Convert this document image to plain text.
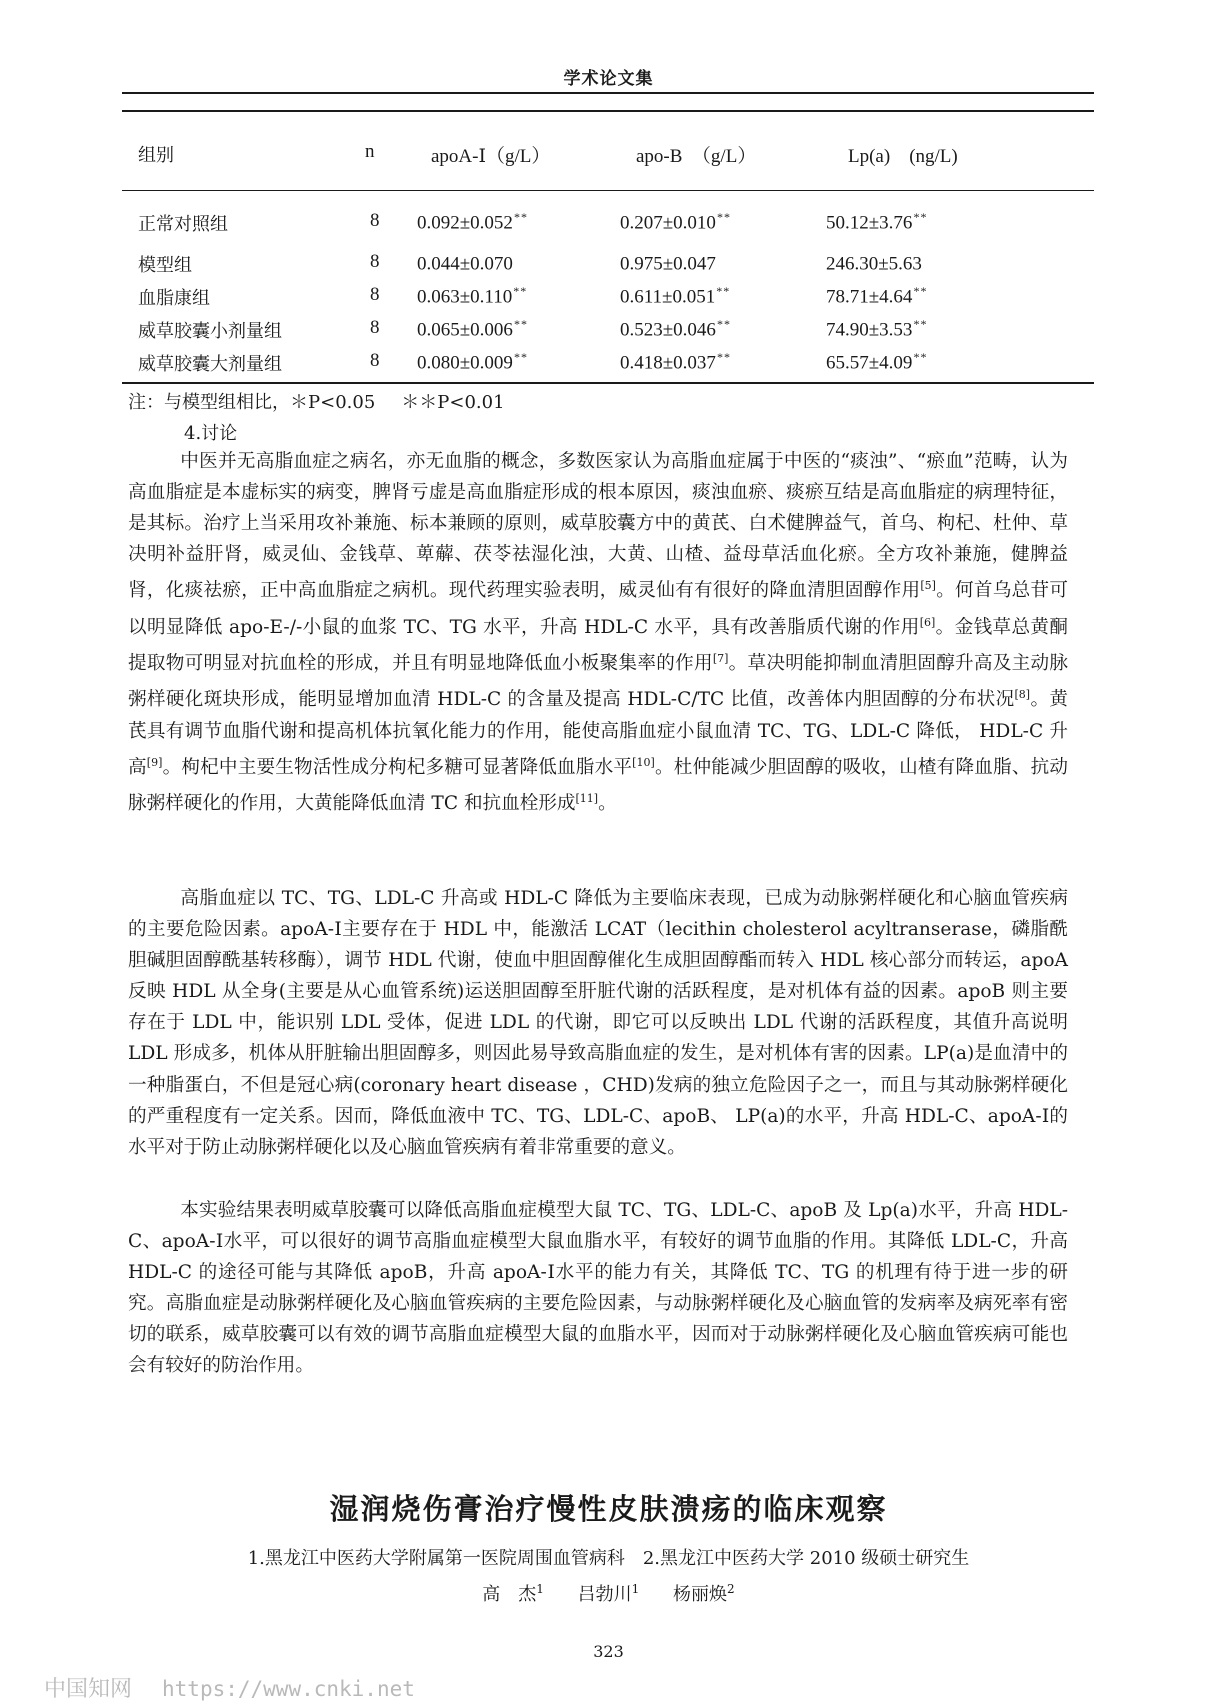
学术论文集
组别	n	apoA-Ⅰ（g/L）	apo-B　（g/L）	Lp(a)　(ng/L)
正常对照组	8 0.092±0.052**	0.207±0.010**	50.12±3.76**
模型组	8 0.044±0.070	0.975±0.047	246.30±5.63
血脂康组	8 0.063±0.110**	0.611±0.051**	78.71±4.64**
威草胶囊小剂量组	8 0.065±0.006**	0.523±0.046**	74.90±3.53**
威草胶囊大剂量组	8 0.080±0.009**	0.418±0.037**	65.57±4.09**
注：与模型组相比，＊P<0.05 ＊＊P<0.01
4.讨论
中医并无高脂血症之病名，亦无血脂的概念，多数医家认为高脂血症属于中医的“痰浊”、“瘀血”范畴，认为高血脂症是本虚标实的病变，脾肾亏虚是高血脂症形成的根本原因，痰浊血瘀、痰瘀互结是高血脂症的病理特征，是其标。治疗上当采用攻补兼施、标本兼顾的原则，威草胶囊方中的黄芪、白术健脾益气，首乌、枸杞、杜仲、草决明补益肝肾，威灵仙、金钱草、萆薢、茯苓祛湿化浊，大黄、山楂、益母草活血化瘀。全方攻补兼施，健脾益肾，化痰祛瘀，正中高血脂症之病机。现代药理实验表明，威灵仙有有很好的降血清胆固醇作用[5]。何首乌总苷可以明显降低 apo-E-/-小鼠的血浆 TC、TG 水平，升高 HDL-C 水平，具有改善脂质代谢的作用[6]。金钱草总黄酮提取物可明显对抗血栓的形成，并且有明显地降低血小板聚集率的作用[7]。草决明能抑制血清胆固醇升高及主动脉粥样硬化斑块形成，能明显增加血清 HDL-C 的含量及提高 HDL-C/TC 比值，改善体内胆固醇的分布状况[8]。黄芪具有调节血脂代谢和提高机体抗氧化能力的作用，能使高脂血症小鼠血清 TC、TG、LDL-C 降低， HDL-C 升高[9]。枸杞中主要生物活性成分枸杞多糖可显著降低血脂水平[10]。杜仲能减少胆固醇的吸收，山楂有降血脂、抗动脉粥样硬化的作用，大黄能降低血清 TC 和抗血栓形成[11]。
高脂血症以 TC、TG、LDL-C 升高或 HDL-C 降低为主要临床表现，已成为动脉粥样硬化和心脑血管疾病的主要危险因素。apoA-Ⅰ主要存在于 HDL 中，能激活 LCAT（lecithin cholesterol acyltranserase，磷脂酰胆碱胆固醇酰基转移酶），调节 HDL 代谢，使血中胆固醇催化生成胆固醇酯而转入 HDL 核心部分而转运，apoA 反映 HDL 从全身(主要是从心血管系统)运送胆固醇至肝脏代谢的活跃程度，是对机体有益的因素。apoB 则主要存在于 LDL 中，能识别 LDL 受体，促进 LDL 的代谢，即它可以反映出 LDL 代谢的活跃程度，其值升高说明 LDL 形成多，机体从肝脏输出胆固醇多，则因此易导致高脂血症的发生，是对机体有害的因素。LP(a)是血清中的一种脂蛋白，不但是冠心病(coronary heart disease ，CHD)发病的独立危险因子之一，而且与其动脉粥样硬化的严重程度有一定关系。因而，降低血液中 TC、TG、LDL-C、apoB、 LP(a)的水平，升高 HDL-C、apoA-Ⅰ的水平对于防止动脉粥样硬化以及心脑血管疾病有着非常重要的意义。
本实验结果表明威草胶囊可以降低高脂血症模型大鼠 TC、TG、LDL-C、apoB 及 Lp(a)水平，升高 HDL-C、apoA-Ⅰ水平，可以很好的调节高脂血症模型大鼠血脂水平，有较好的调节血脂的作用。其降低 LDL-C，升高 HDL-C 的途径可能与其降低 apoB，升高 apoA-Ⅰ水平的能力有关，其降低 TC、TG 的机理有待于进一步的研究。高脂血症是动脉粥样硬化及心脑血管疾病的主要危险因素，与动脉粥样硬化及心脑血管的发病率及病死率有密切的联系，威草胶囊可以有效的调节高脂血症模型大鼠的血脂水平，因而对于动脉粥样硬化及心脑血管疾病可能也会有较好的防治作用。
湿润烧伤膏治疗慢性皮肤溃疡的临床观察
1.黑龙江中医药大学附属第一医院周围血管病科　2.黑龙江中医药大学 2010 级硕士研究生
高　杰$^1$ 吕勃川$^1$ 杨丽焕$^2$
323
中国知网 https://www.cnki.net
